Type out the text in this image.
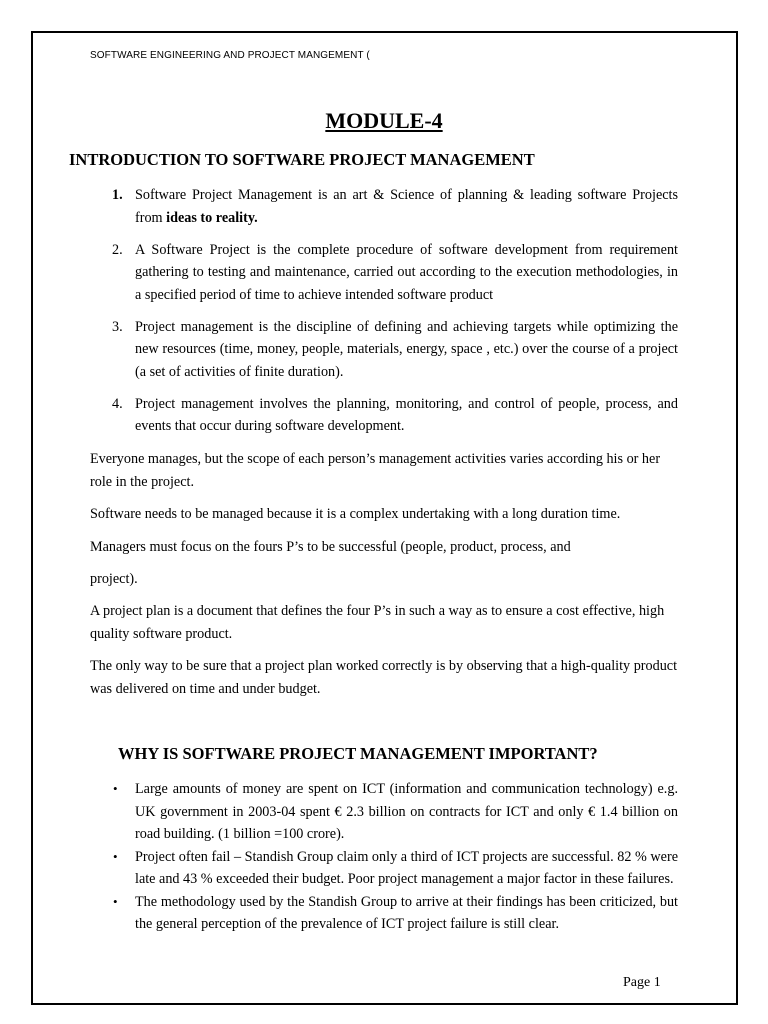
SOFTWARE ENGINEERING AND PROJECT MANGEMENT (
MODULE-4
INTRODUCTION TO SOFTWARE PROJECT MANAGEMENT
1. Software Project Management is an art & Science of planning & leading software Projects from ideas to reality.
2. A Software Project is the complete procedure of software development from requirement gathering to testing and maintenance, carried out according to the execution methodologies, in a specified period of time to achieve intended software product
3. Project management is the discipline of defining and achieving targets while optimizing the new resources (time, money, people, materials, energy, space , etc.) over the course of a project (a set of activities of finite duration).
4. Project management involves the planning, monitoring, and control of people, process, and events that occur during software development.

Everyone manages, but the scope of each person’s management activities varies according his or her role in the project.

Software needs to be managed because it is a complex undertaking with a long duration time.

Managers must focus on the fours P’s to be successful (people, product, process, and

project).

A project plan is a document that defines the four P’s in such a way as to ensure a cost effective, high quality software product.

The only way to be sure that a project plan worked correctly is by observing that a high-quality product was delivered on time and under budget.

WHY IS SOFTWARE PROJECT MANAGEMENT IMPORTANT?
• Large amounts of money are spent on ICT (information and communication technology) e.g. UK government in 2003-04 spent € 2.3 billion on contracts for ICT and only € 1.4 billion on road building. (1 billion =100 crore).
• Project often fail – Standish Group claim only a third of ICT projects are successful. 82 % were late and 43 % exceeded their budget. Poor project management a major factor in these failures.
• The methodology used by the Standish Group to arrive at their findings has been criticized, but the general perception of the prevalence of ICT project failure is still clear.
Page 1
